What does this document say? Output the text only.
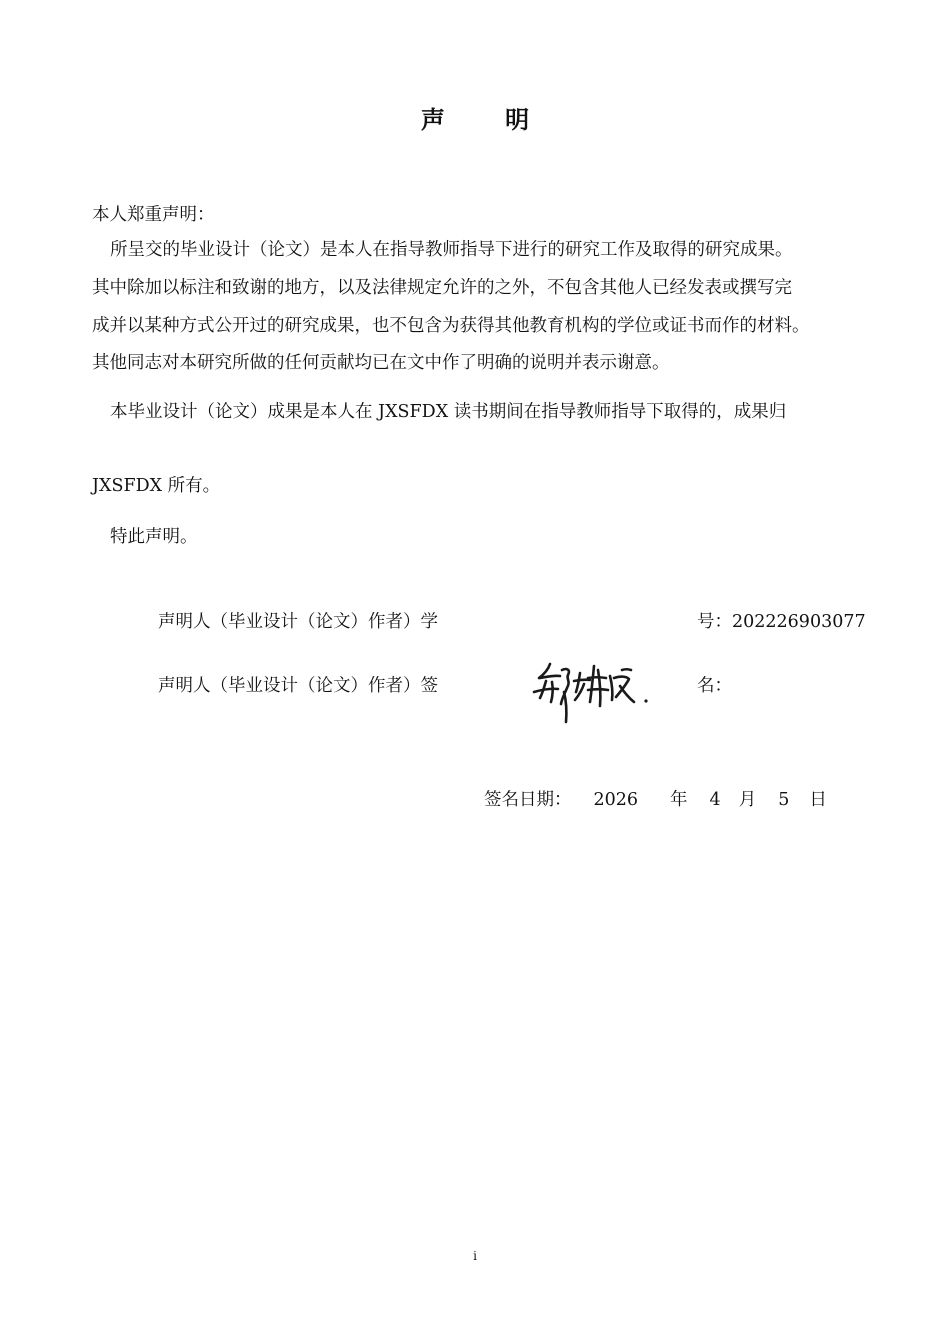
声 明
本人郑重声明：
所呈交的毕业设计（论文）是本人在指导教师指导下进行的研究工作及取得的研究成果。
其中除加以标注和致谢的地方，以及法律规定允许的之外，不包含其他人已经发表或撰写完
成并以某种方式公开过的研究成果，也不包含为获得其他教育机构的学位或证书而作的材料。
其他同志对本研究所做的任何贡献均已在文中作了明确的说明并表示谢意。
本毕业设计（论文）成果是本人在 JXSFDX 读书期间在指导教师指导下取得的，成果归
JXSFDX 所有。
特此声明。
声明人（毕业设计（论文）作者）学	号：202226903077
声明人（毕业设计（论文）作者）签	名：
签名日期： 2026 年 4 月 5 日
i
